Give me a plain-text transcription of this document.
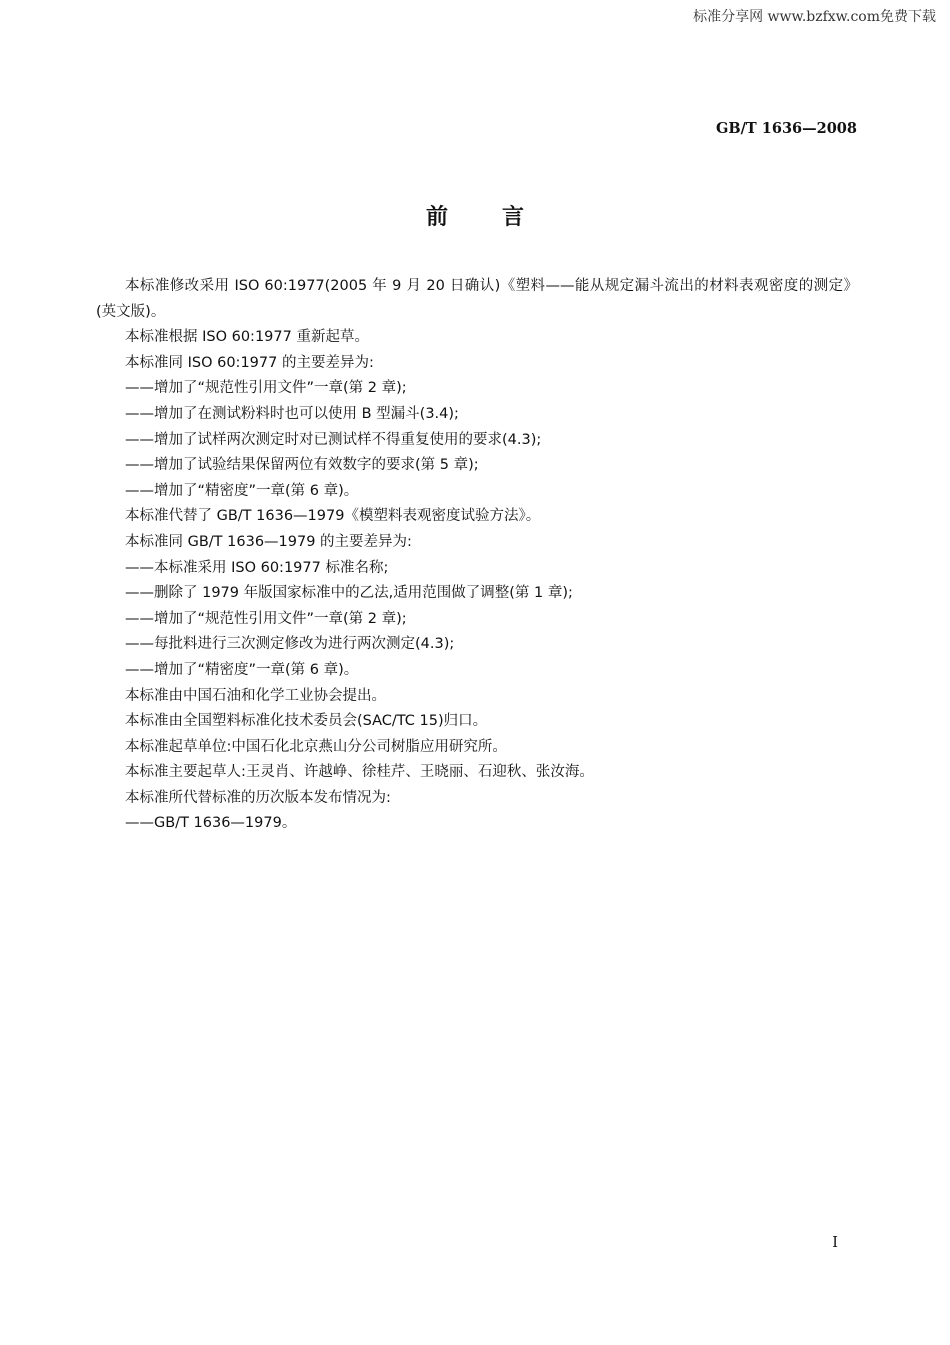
标准分享网 www.bzfxw.com免费下载
GB/T 1636—2008
前言

本标准修改采用 ISO 60:1977(2005 年 9 月 20 日确认)《塑料——能从规定漏斗流出的材料表观密度的测定》(英文版)。

本标准根据 ISO 60:1977 重新起草。

本标准同 ISO 60:1977 的主要差异为:

——增加了“规范性引用文件”一章(第 2 章);

——增加了在测试粉料时也可以使用 B 型漏斗(3.4);

——增加了试样两次测定时对已测试样不得重复使用的要求(4.3);

——增加了试验结果保留两位有效数字的要求(第 5 章);

——增加了“精密度”一章(第 6 章)。

本标准代替了 GB/T 1636—1979《模塑料表观密度试验方法》。

本标准同 GB/T 1636—1979 的主要差异为:

——本标准采用 ISO 60:1977 标准名称;

——删除了 1979 年版国家标准中的乙法,适用范围做了调整(第 1 章);

——增加了“规范性引用文件”一章(第 2 章);

——每批料进行三次测定修改为进行两次测定(4.3);

——增加了“精密度”一章(第 6 章)。

本标准由中国石油和化学工业协会提出。

本标准由全国塑料标准化技术委员会(SAC/TC 15)归口。

本标准起草单位:中国石化北京燕山分公司树脂应用研究所。

本标准主要起草人:王灵肖、许越峥、徐桂芹、王晓丽、石迎秋、张汝海。

本标准所代替标准的历次版本发布情况为:

——GB/T 1636—1979。

I
